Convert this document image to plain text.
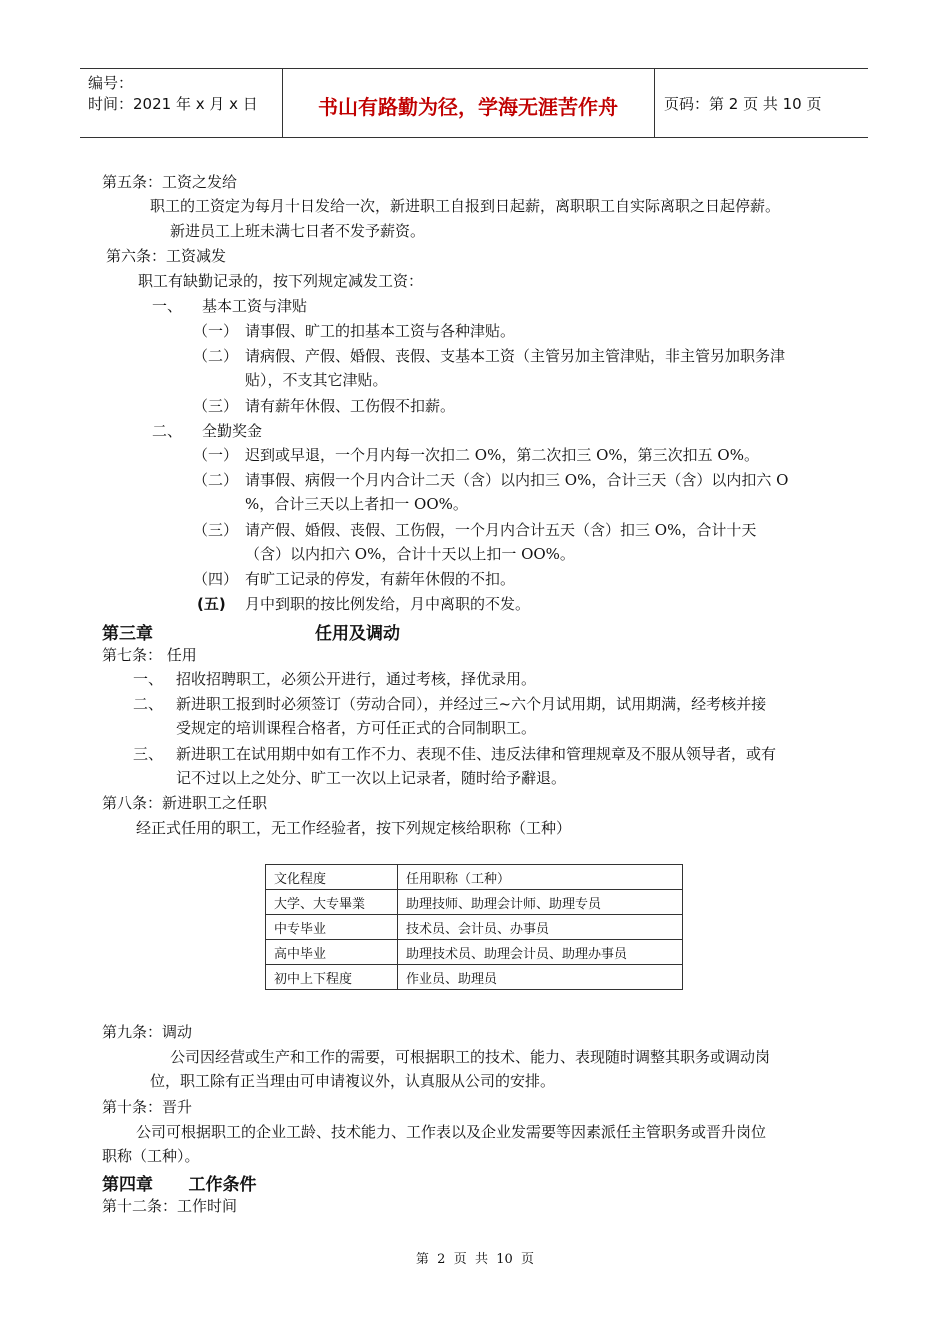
编号：
时间：2021 年 x 月 x 日	书山有路勤为径，学海无涯苦作舟	页码：第 2 页 共 10 页
第五条：工资之发给
职工的工资定为每月十日发给一次，新进职工自报到日起薪，离职职工自实际离职之日起停薪。
新进员工上班未满七日者不发予薪资。
第六条：工资减发
职工有缺勤记录的，按下列规定减发工资：
一、 基本工资与津贴
（一） 请事假、旷工的扣基本工资与各种津贴。
（二） 请病假、产假、婚假、丧假、支基本工资（主管另加主管津贴，非主管另加职务津
贴），不支其它津贴。
（三） 请有薪年休假、工伤假不扣薪。
二、 全勤奖金
（一） 迟到或早退，一个月内每一次扣二 O%，第二次扣三 O%，第三次扣五 O%。
（二） 请事假、病假一个月内合计二天（含）以内扣三 O%，合计三天（含）以内扣六 O
%，合计三天以上者扣一 OO%。
（三） 请产假、婚假、丧假、工伤假，一个月内合计五天（含）扣三 O%，合计十天
（含）以内扣六 O%，合计十天以上扣一 OO%。
（四） 有旷工记录的停发，有薪年休假的不扣。
(五) 月中到职的按比例发给，月中离职的不发。
第三章	任用及调动
第七条： 任用
一、 招收招聘职工，必须公开进行，通过考核，择优录用。
二、 新进职工报到时必须签订（劳动合同），并经过三~六个月试用期，试用期满，经考核并接
受规定的培训课程合格者，方可任正式的合同制职工。
三、 新进职工在试用期中如有工作不力、表现不佳、违反法律和管理规章及不服从领导者，或有
记不过以上之处分、旷工一次以上记录者，随时给予辭退。
第八条：新进职工之任职
经正式任用的职工，无工作经验者，按下列规定核给职称（工种）
文化程度	任用职称（工种）
大学、大专畢業	助理技师、助理会计师、助理专员
中专毕业	技术员、会计员、办事员
高中毕业	助理技术员、助理会计员、助理办事员
初中上下程度	作业员、助理员
第九条：调动
公司因经营或生产和工作的需要，可根据职工的技术、能力、表现随时调整其职务或调动岗
位，职工除有正当理由可申请複议外，认真服从公司的安排。
第十条：晋升
公司可根据职工的企业工龄、技术能力、工作表以及企业发需要等因素派任主管职务或晋升岗位
职称（工种）。
第四章      工作条件
第十二条：工作时间
第  2  页  共  10  页
